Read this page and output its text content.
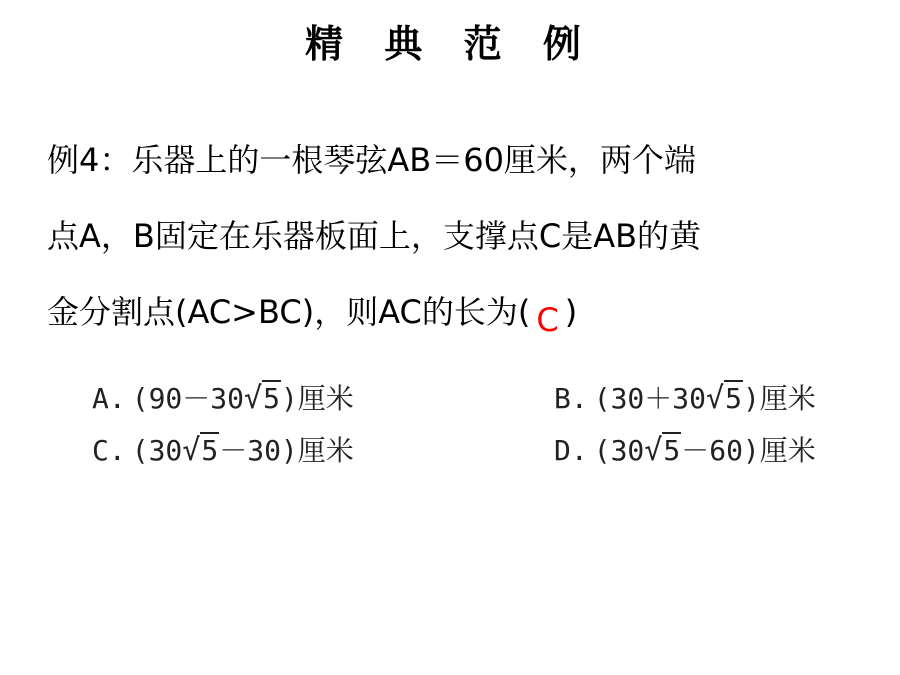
精 典 范 例
例4：乐器上的一根琴弦AB＝60厘米，两个端
点A，B固定在乐器板面上，支撑点C是AB的黄
金分割点(AC>BC)，则AC的长为( C )
A. (90－30√5)厘米	B. (30＋30√5)厘米
C. (30√5－30)厘米	D. (30√5－60)厘米
